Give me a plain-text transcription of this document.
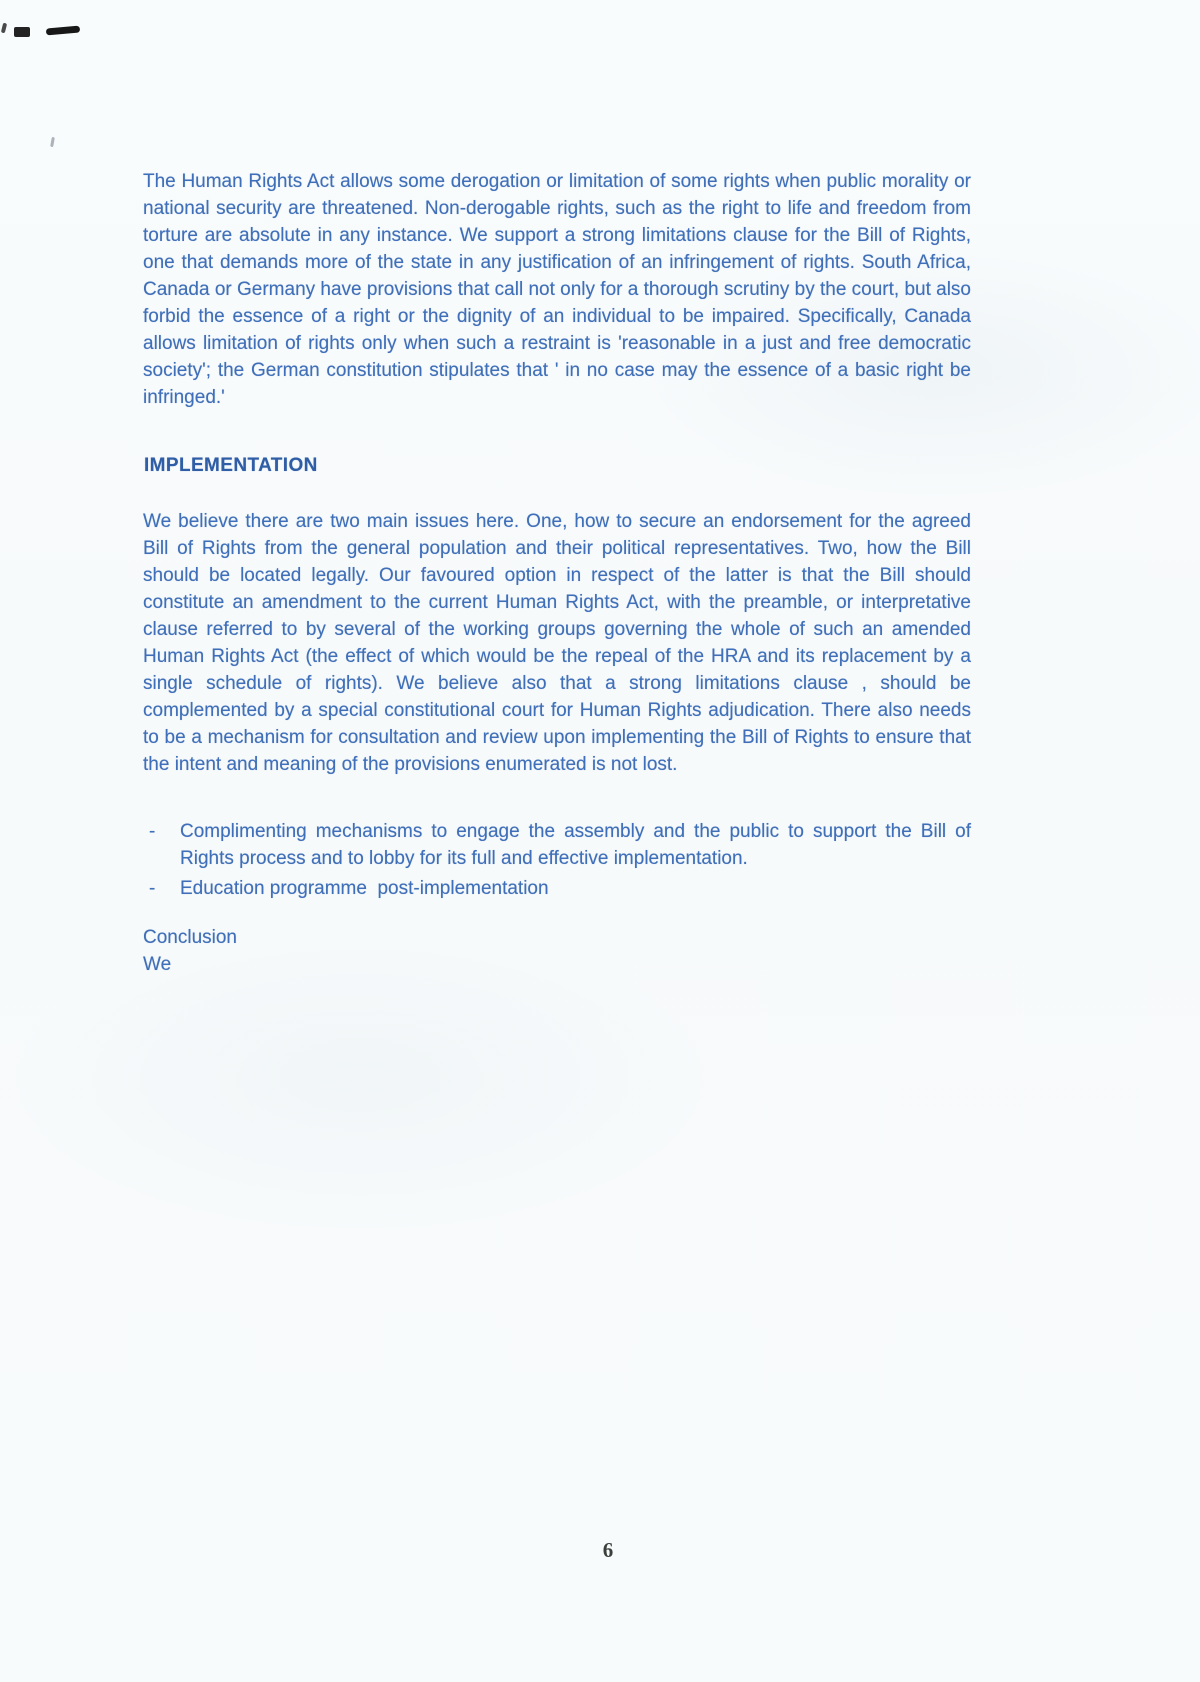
The Human Rights Act allows some derogation or limitation of some rights when public morality or national security are threatened. Non-derogable rights, such as the right to life and freedom from torture are absolute in any instance. We support a strong limitations clause for the Bill of Rights, one that demands more of the state in any justification of an infringement of rights. South Africa, Canada or Germany have provisions that call not only for a thorough scrutiny by the court, but also forbid the essence of a right or the dignity of an individual to be impaired. Specifically, Canada allows limitation of rights only when such a restraint is 'reasonable in a just and free democratic society'; the German constitution stipulates that ' in no case may the essence of a basic right be infringed.'

IMPLEMENTATION

We believe there are two main issues here. One, how to secure an endorsement for the agreed Bill of Rights from the general population and their political representatives. Two, how the Bill should be located legally. Our favoured option in respect of the latter is that the Bill should constitute an amendment to the current Human Rights Act, with the preamble, or interpretative clause referred to by several of the working groups governing the whole of such an amended Human Rights Act (the effect of which would be the repeal of the HRA and its replacement by a single schedule of rights). We believe also that a strong limitations clause , should be complemented by a special constitutional court for Human Rights adjudication. There also needs to be a mechanism for consultation and review upon implementing the Bill of Rights to ensure that the intent and meaning of the provisions enumerated is not lost.

-	Complimenting mechanisms to engage the assembly and the public to support the Bill of Rights process and to lobby for its full and effective implementation.
-	Education programme  post-implementation
Conclusion
We
6
